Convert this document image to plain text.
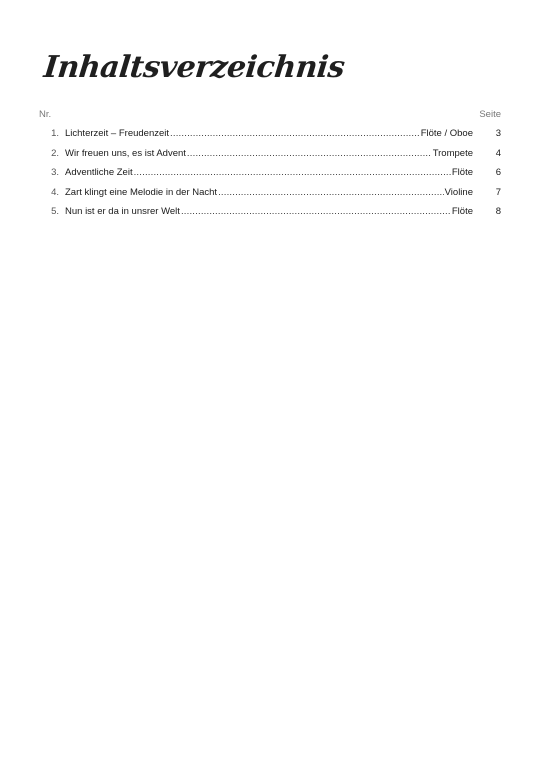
Inhaltsverzeichnis
Nr.	Seite
1. Lichterzeit – Freudenzeit .....	Flöte / Oboe	3
2. Wir freuen uns, es ist Advent .....	Trompete	4
3. Adventliche Zeit .....	Flöte	6
4. Zart klingt eine Melodie in der Nacht .....	Violine	7
5. Nun ist er da in unsrer Welt .....	Flöte	8
